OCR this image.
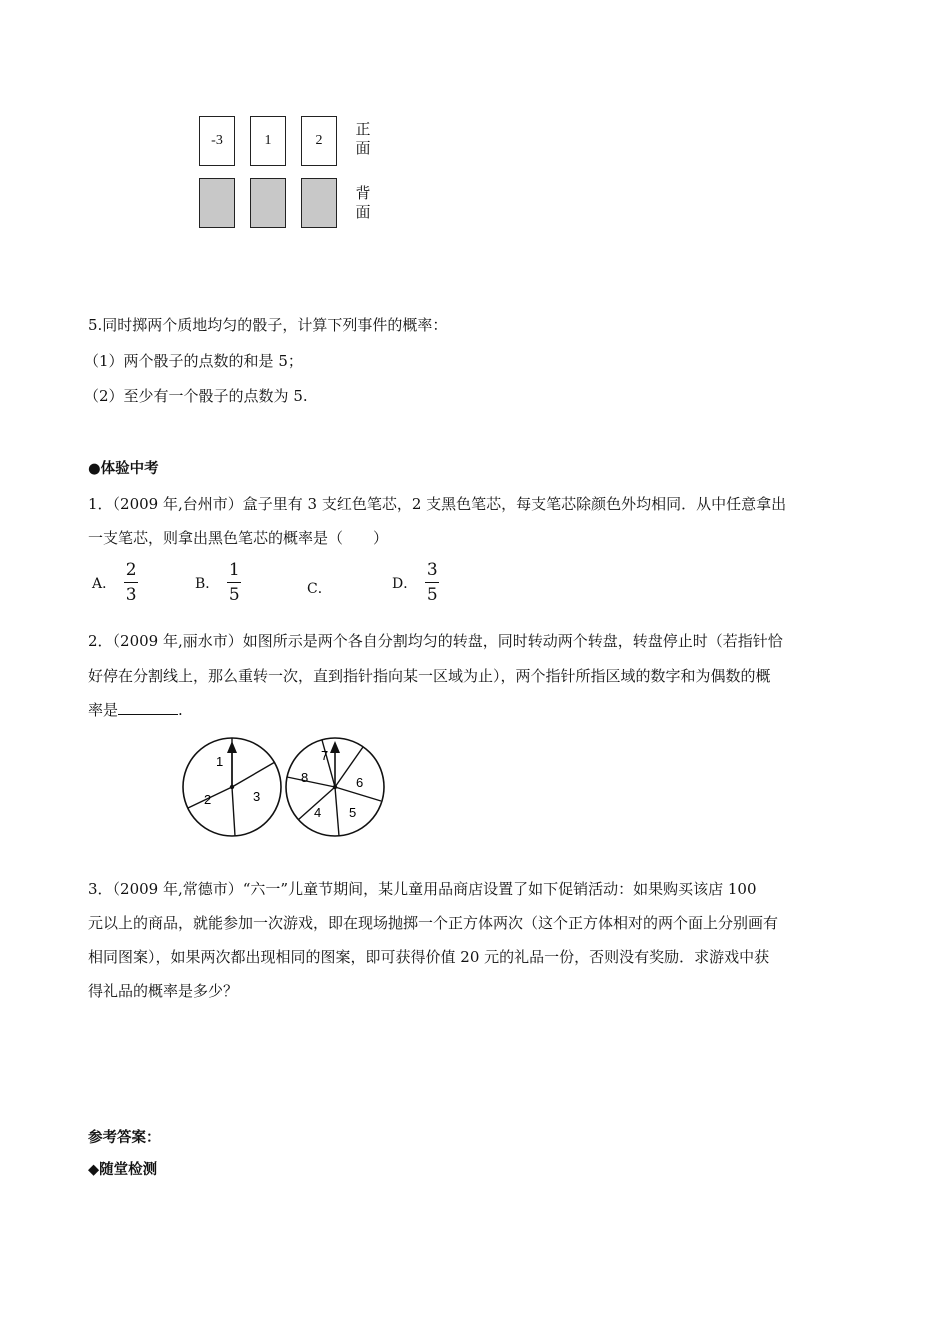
-3	1	2
正
面
背
面
5.同时掷两个质地均匀的骰子，计算下列事件的概率：
（1）两个骰子的点数的和是 5；
（2）至少有一个骰子的点数为 5.
●体验中考
1．（2009 年,台州市）盒子里有 3 支红色笔芯，2 支黑色笔芯，每支笔芯除颜色外均相同．从中任意拿出
一支笔芯，则拿出黑色笔芯的概率是（　　）
A． $\frac{2}{3}$	B． $\frac{1}{5}$	C．	D． $\frac{3}{5}$
2．（2009 年,丽水市）如图所示是两个各自分割均匀的转盘，同时转动两个转盘，转盘停止时（若指针恰
好停在分割线上，那么重转一次，直到指针指向某一区域为止），两个指针所指区域的数字和为偶数的概
率是	.
1
2	3
7
8	6
4 5
3．（2009 年,常德市）“六一”儿童节期间，某儿童用品商店设置了如下促销活动：如果购买该店 100
元以上的商品，就能参加一次游戏，即在现场抛掷一个正方体两次（这个正方体相对的两个面上分别画有
相同图案），如果两次都出现相同的图案，即可获得价值 20 元的礼品一份，否则没有奖励．求游戏中获
得礼品的概率是多少？
参考答案：
◆随堂检测
